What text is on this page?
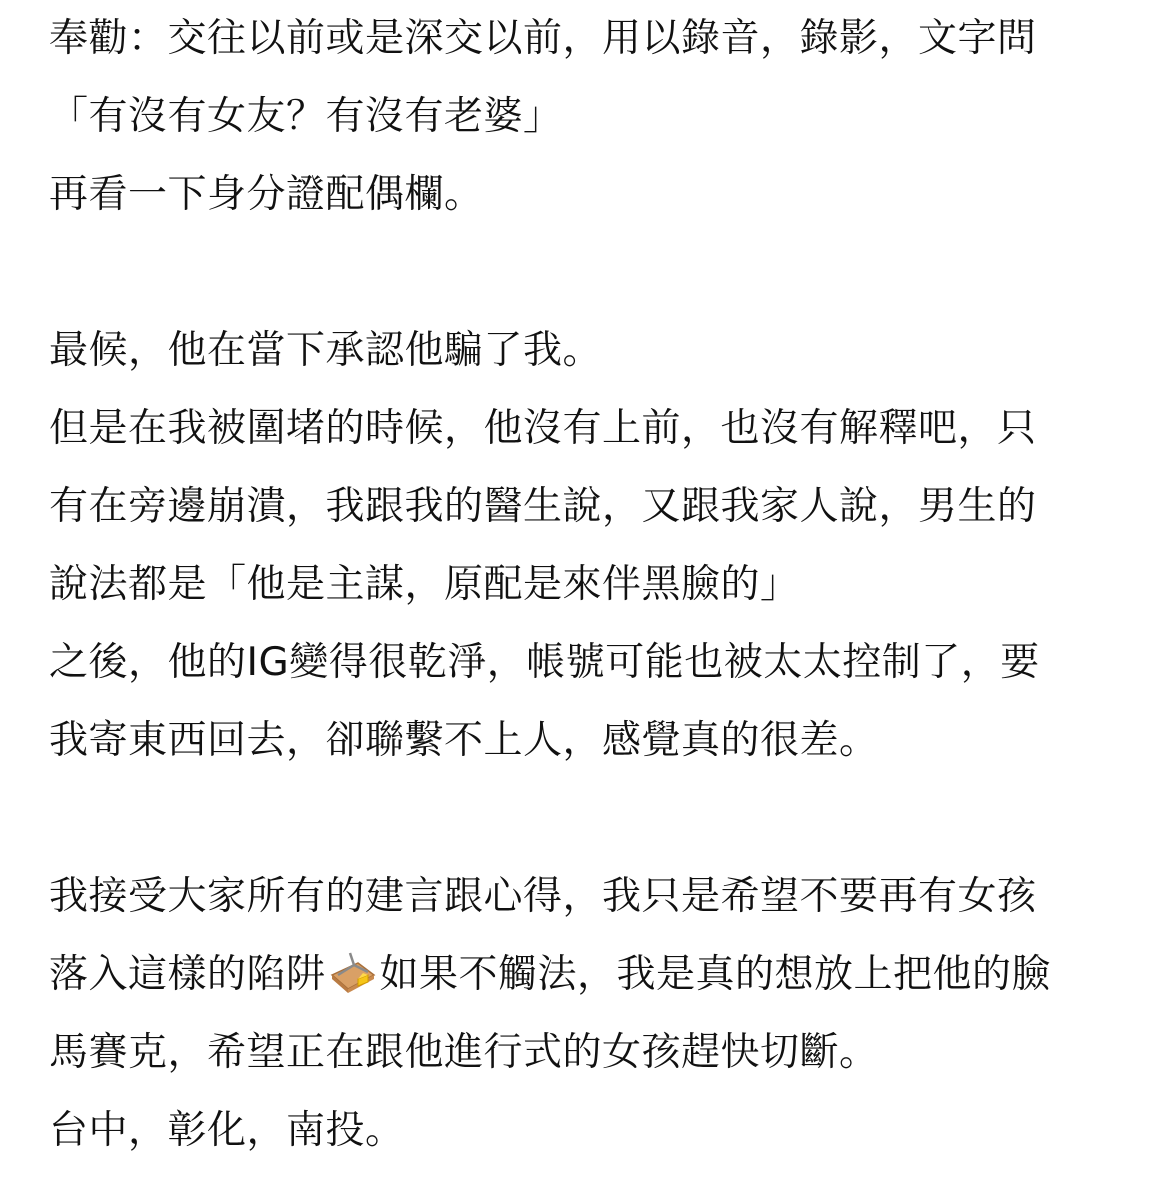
奉勸：交往以前或是深交以前，用以錄音，錄影，文字問
「有沒有女友？有沒有老婆」
再看一下身分證配偶欄。
最候，他在當下承認他騙了我。
但是在我被圍堵的時候，他沒有上前，也沒有解釋吧，只
有在旁邊崩潰，我跟我的醫生說，又跟我家人說，男生的
說法都是「他是主謀，原配是來伴黑臉的」
之後，他的IG變得很乾淨，帳號可能也被太太控制了，要
我寄東西回去，卻聯繫不上人，感覺真的很差。
我接受大家所有的建言跟心得，我只是希望不要再有女孩
落入這樣的陷阱 如果不觸法，我是真的想放上把他的臉
馬賽克，希望正在跟他進行式的女孩趕快切斷。
台中，彰化，南投。
